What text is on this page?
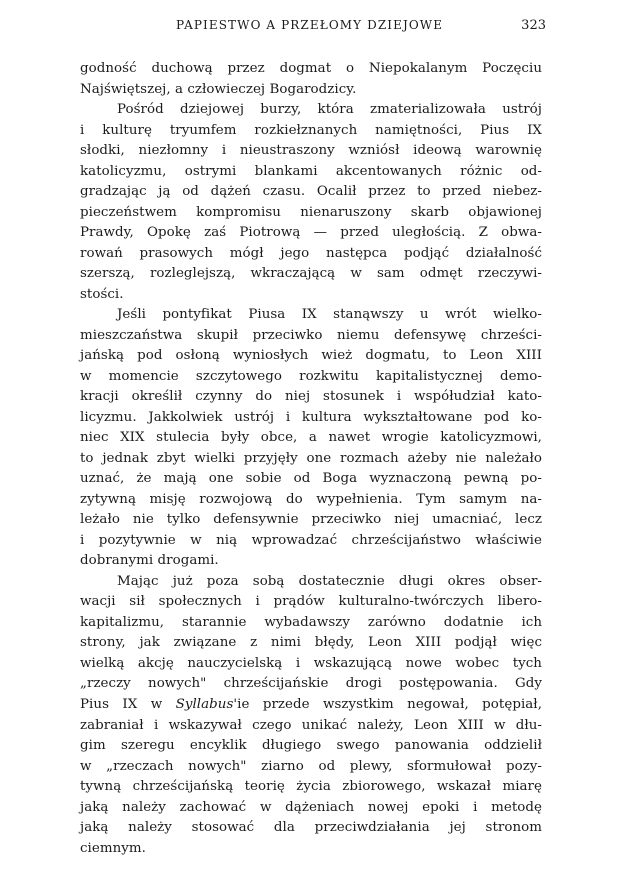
PAPIESTWO A PRZEŁOMY DZIEJOWE	323
godność duchową przez dogmat o Niepokalanym Poczęciu
Najświętszej, a człowieczej Bogarodzicy.
Pośród dziejowej burzy, która zmaterializowała ustrój
i kulturę tryumfem rozkiełznanych namiętności, Pius IX
słodki, niezłomny i nieustraszony wzniósł ideową warownię
katolicyzmu, ostrymi blankami akcentowanych różnic od-
gradzając ją od dążeń czasu. Ocalił przez to przed niebez-
pieczeństwem kompromisu nienaruszony skarb objawionej
Prawdy, Opokę zaś Piotrową — przed uległością. Z obwa-
rowań prasowych mógł jego następca podjąć działalność
szerszą, rozleglejszą, wkraczającą w sam odmęt rzeczywi-
stości.
Jeśli pontyfikat Piusa IX stanąwszy u wrót wielko-
mieszczaństwa skupił przeciwko niemu defensywę chrześci-
jańską pod osłoną wyniosłych wież dogmatu, to Leon XIII
w momencie szczytowego rozkwitu kapitalistycznej demo-
kracji określił czynny do niej stosunek i współudział kato-
licyzmu. Jakkolwiek ustrój i kultura wykształtowane pod ko-
niec XIX stulecia były obce, a nawet wrogie katolicyzmowi,
to jednak zbyt wielki przyjęły one rozmach ażeby nie należało
uznać, że mają one sobie od Boga wyznaczoną pewną po-
zytywną misję rozwojową do wypełnienia. Tym samym na-
leżało nie tylko defensywnie przeciwko niej umacniać, lecz
i pozytywnie w nią wprowadzać chrześcijaństwo właściwie
dobranymi drogami.
Mając już poza sobą dostatecznie długi okres obser-
wacji sił społecznych i prądów kulturalno-twórczych libero-
kapitalizmu, starannie wybadawszy zarówno dodatnie ich
strony, jak związane z nimi błędy, Leon XIII podjął więc
wielką akcję nauczycielską i wskazującą nowe wobec tych
„rzeczy nowych" chrześcijańskie drogi postępowania. Gdy
Pius IX w Syllabus'ie przede wszystkim negował, potępiał,
zabraniał i wskazywał czego unikać należy, Leon XIII w dłu-
gim szeregu encyklik długiego swego panowania oddzielił
w „rzeczach nowych" ziarno od plewy, sformułował pozy-
tywną chrześcijańską teorię życia zbiorowego, wskazał miarę
jaką należy zachować w dążeniach nowej epoki i metodę
jaką należy stosować dla przeciwdziałania jej stronom
ciemnym.
